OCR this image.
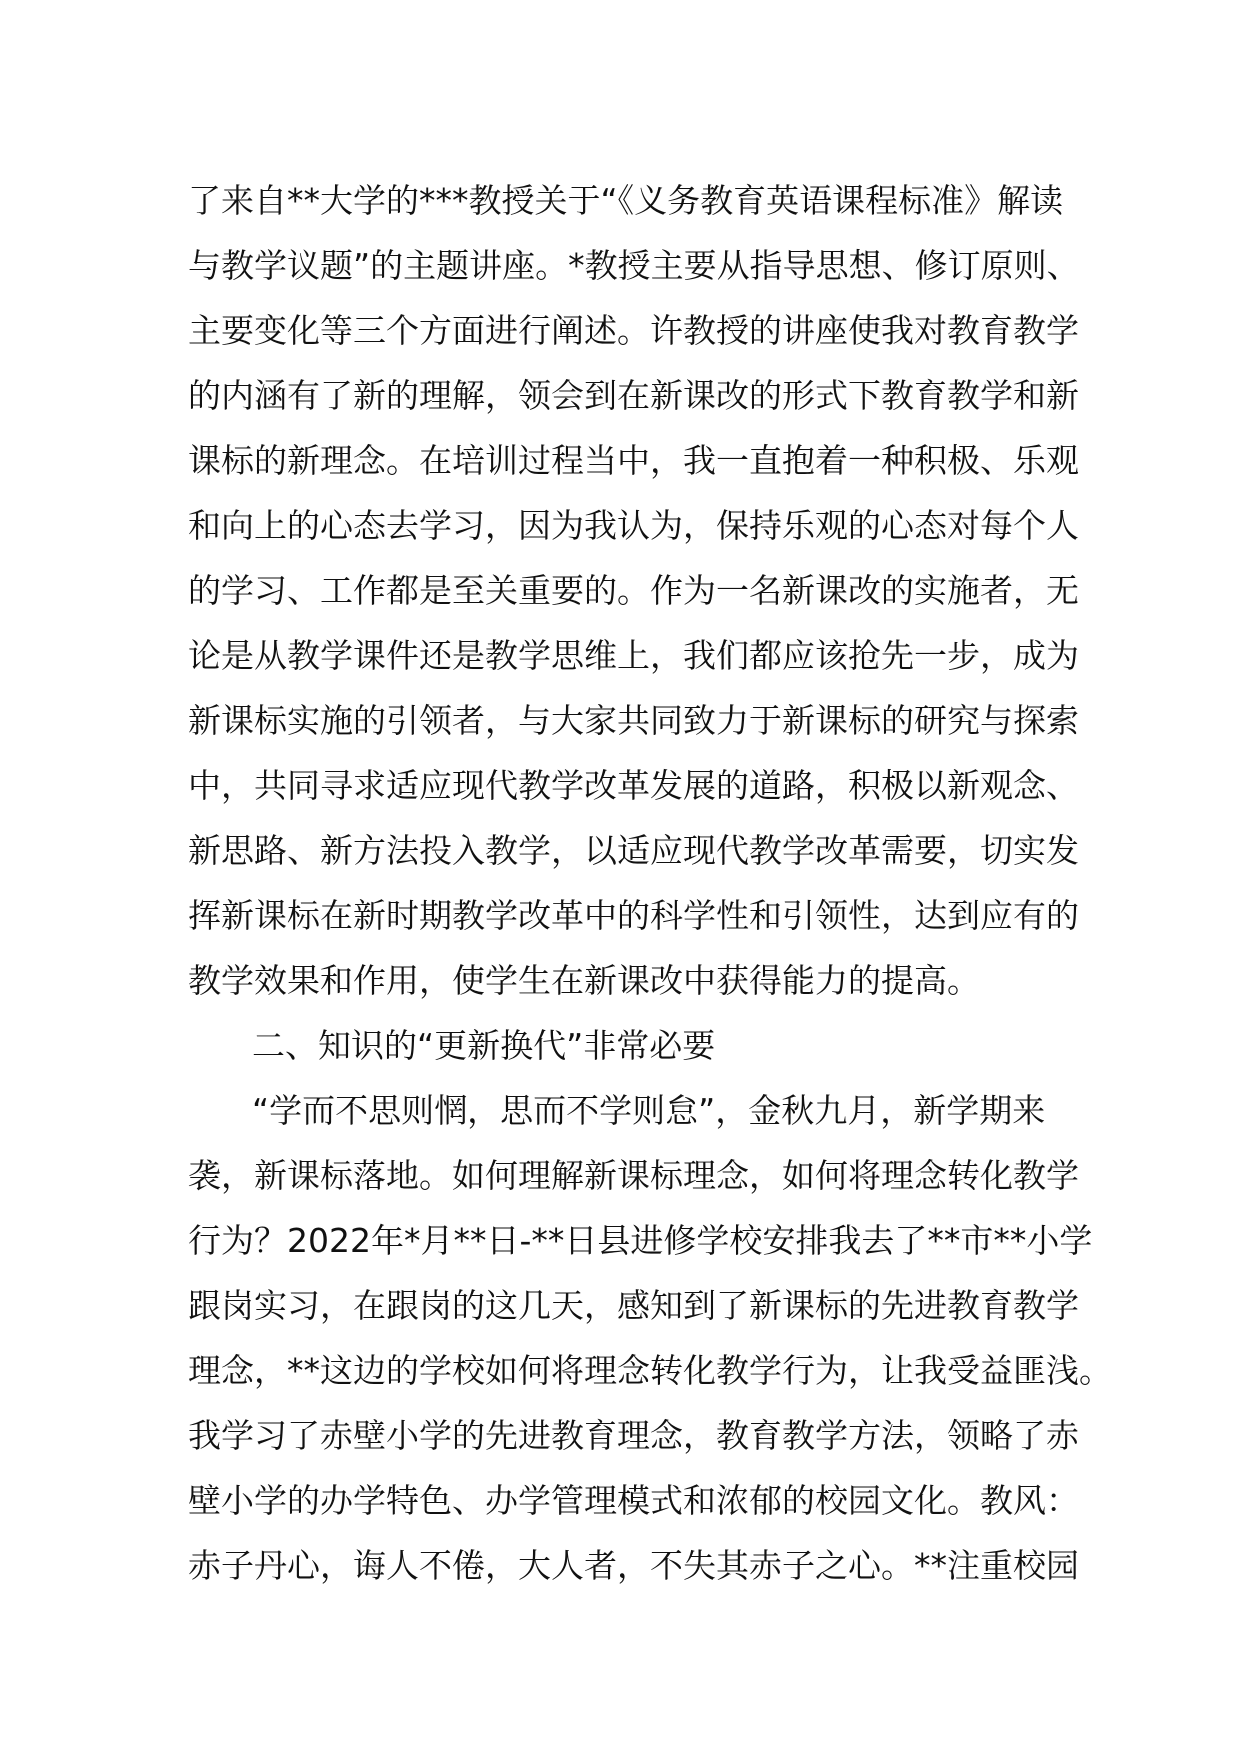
了来自**大学的***教授关于“《义务教育英语课程标准》解读
与教学议题”的主题讲座。*教授主要从指导思想、修订原则、
主要变化等三个方面进行阐述。许教授的讲座使我对教育教学
的内涵有了新的理解，领会到在新课改的形式下教育教学和新
课标的新理念。在培训过程当中，我一直抱着一种积极、乐观
和向上的心态去学习，因为我认为，保持乐观的心态对每个人
的学习、工作都是至关重要的。作为一名新课改的实施者，无
论是从教学课件还是教学思维上，我们都应该抢先一步，成为
新课标实施的引领者，与大家共同致力于新课标的研究与探索
中，共同寻求适应现代教学改革发展的道路，积极以新观念、
新思路、新方法投入教学，以适应现代教学改革需要，切实发
挥新课标在新时期教学改革中的科学性和引领性，达到应有的
教学效果和作用，使学生在新课改中获得能力的提高。
二、知识的“更新换代”非常必要
“学而不思则惘，思而不学则怠”，金秋九月，新学期来
袭，新课标落地。如何理解新课标理念，如何将理念转化教学
行为？2022年*月**日-**日县进修学校安排我去了**市**小学
跟岗实习，在跟岗的这几天，感知到了新课标的先进教育教学
理念，**这边的学校如何将理念转化教学行为，让我受益匪浅。
我学习了赤壁小学的先进教育理念，教育教学方法，领略了赤
壁小学的办学特色、办学管理模式和浓郁的校园文化。教风：
赤子丹心，诲人不倦，大人者，不失其赤子之心。**注重校园
